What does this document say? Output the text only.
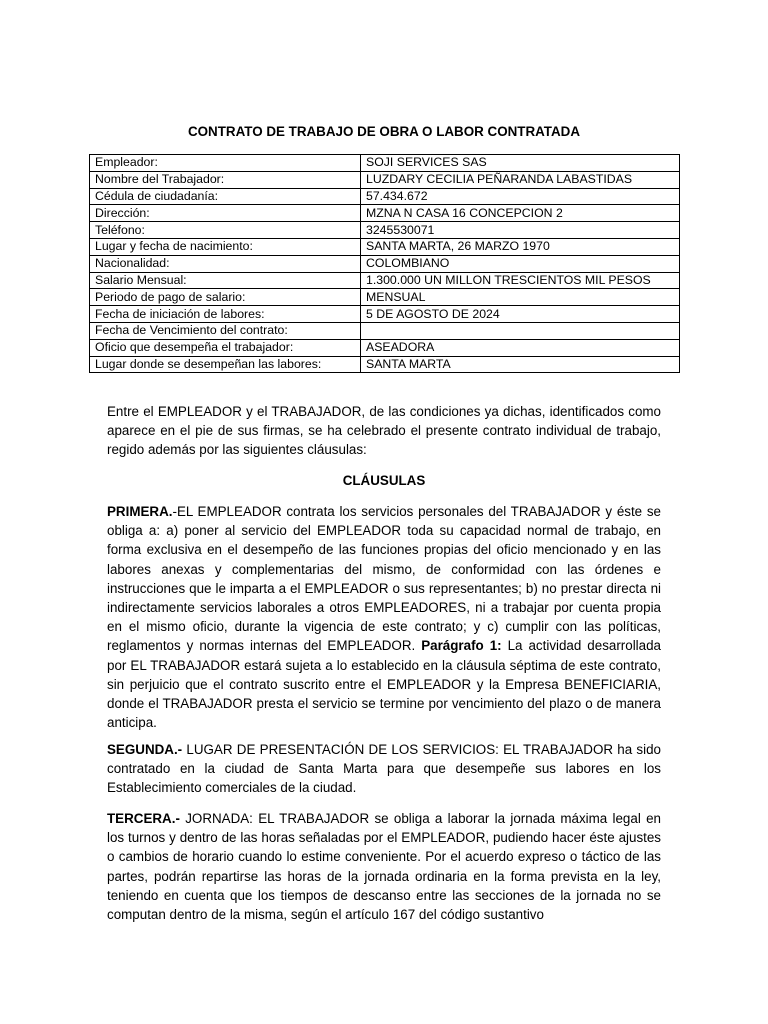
CONTRATO DE TRABAJO DE OBRA O LABOR CONTRATADA
Empleador:	SOJI SERVICES SAS
Nombre del Trabajador:	LUZDARY CECILIA PEÑARANDA LABASTIDAS
Cédula de ciudadanía:	57.434.672
Dirección:	MZNA N CASA 16 CONCEPCION 2
Teléfono:	3245530071
Lugar y fecha de nacimiento:	SANTA MARTA, 26 MARZO 1970
Nacionalidad:	COLOMBIANO
Salario Mensual:	1.300.000 UN MILLON TRESCIENTOS MIL PESOS
Periodo de pago de salario:	MENSUAL
Fecha de iniciación de labores:	5 DE AGOSTO DE 2024
Fecha de Vencimiento del contrato:	
Oficio que desempeña el trabajador:	ASEADORA
Lugar donde se desempeñan las labores:	SANTA MARTA
Entre el EMPLEADOR y el TRABAJADOR, de las condiciones ya dichas, identificados como aparece en el pie de sus firmas, se ha celebrado el presente contrato individual de trabajo, regido además por las siguientes cláusulas:
CLÁUSULAS
PRIMERA.-EL EMPLEADOR contrata los servicios personales del TRABAJADOR y éste se obliga a: a) poner al servicio del EMPLEADOR toda su capacidad normal de trabajo, en forma exclusiva en el desempeño de las funciones propias del oficio mencionado y en las labores anexas y complementarias del mismo, de conformidad con las órdenes e instrucciones que le imparta a el EMPLEADOR o sus representantes; b) no prestar directa ni indirectamente servicios laborales a otros EMPLEADORES, ni a trabajar por cuenta propia en el mismo oficio, durante la vigencia de este contrato; y c) cumplir con las políticas, reglamentos y normas internas del EMPLEADOR. Parágrafo 1: La actividad desarrollada por EL TRABAJADOR estará sujeta a lo establecido en la cláusula séptima de este contrato, sin perjuicio que el contrato suscrito entre el EMPLEADOR y la Empresa BENEFICIARIA, donde el TRABAJADOR presta el servicio se termine por vencimiento del plazo o de manera anticipa.
SEGUNDA.- LUGAR DE PRESENTACIÓN DE LOS SERVICIOS: EL TRABAJADOR ha sido contratado en la ciudad de Santa Marta para que desempeñe sus labores en los Establecimiento comerciales de la ciudad.
TERCERA.- JORNADA: EL TRABAJADOR se obliga a laborar la jornada máxima legal en los turnos y dentro de las horas señaladas por el EMPLEADOR, pudiendo hacer éste ajustes o cambios de horario cuando lo estime conveniente. Por el acuerdo expreso o táctico de las partes, podrán repartirse las horas de la jornada ordinaria en la forma prevista en la ley, teniendo en cuenta que los tiempos de descanso entre las secciones de la jornada no se computan dentro de la misma, según el artículo 167 del código sustantivo
